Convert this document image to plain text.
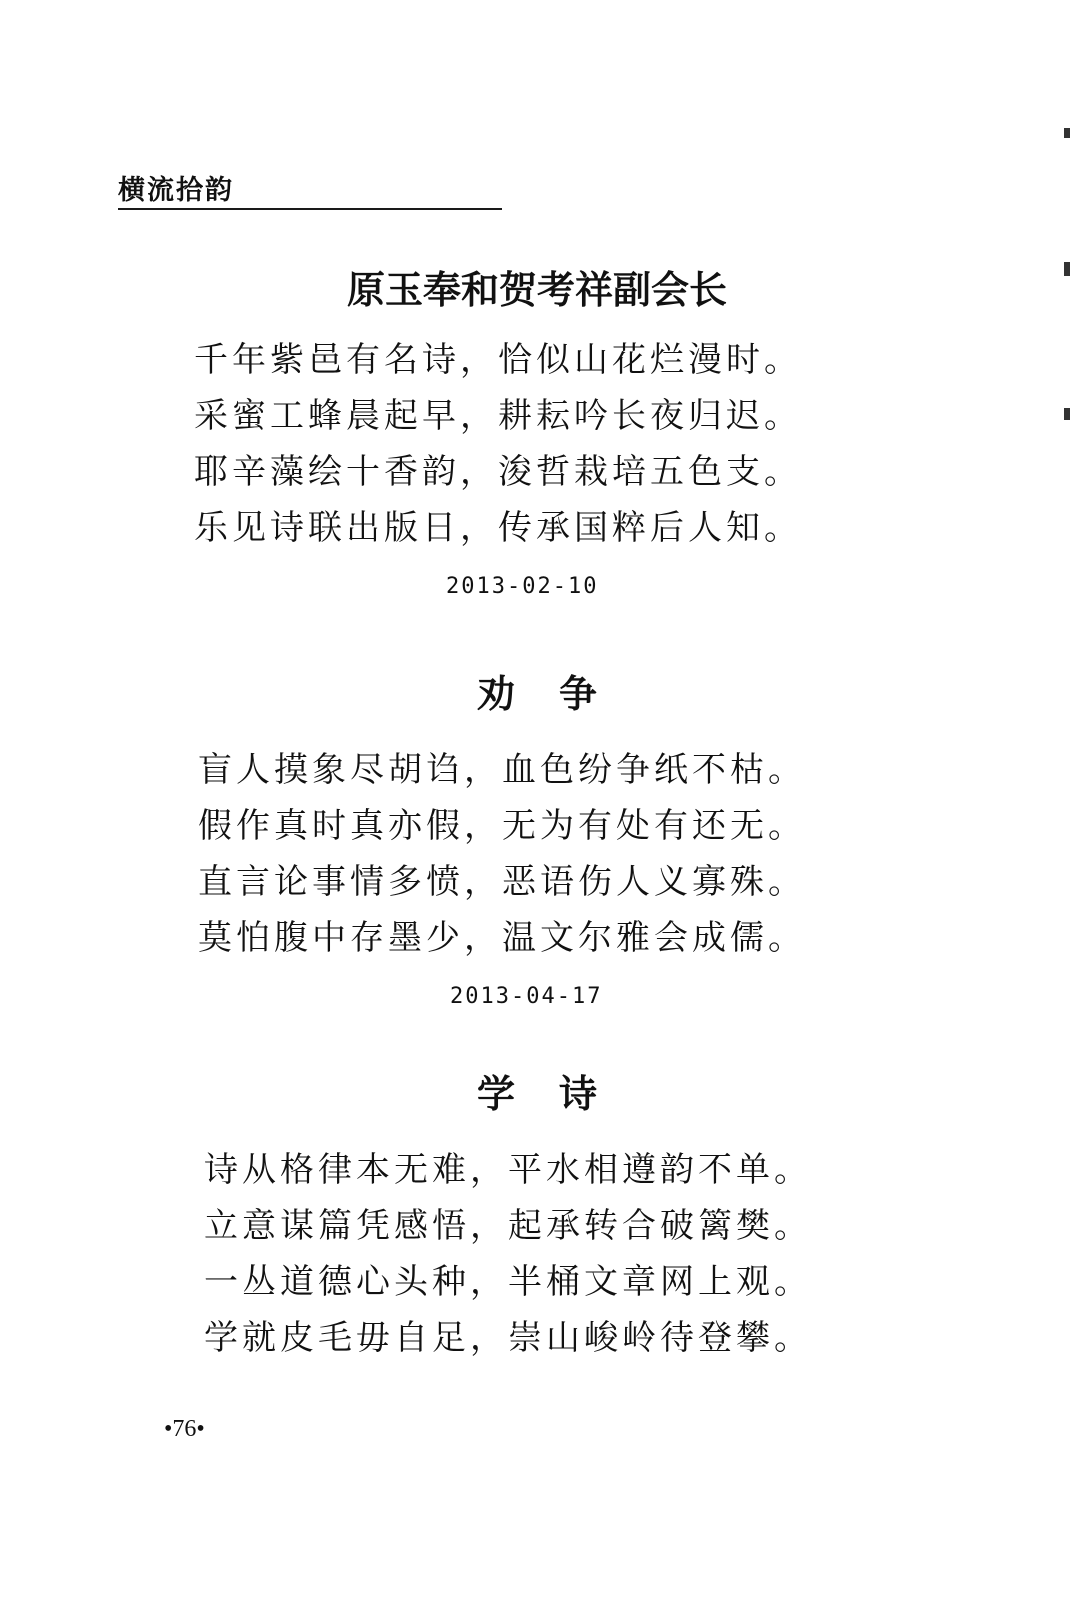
横流拾韵
原玉奉和贺考祥副会长
千年紫邑有名诗，恰似山花烂漫时。
采蜜工蜂晨起早，耕耘吟长夜归迟。
耶辛藻绘十香韵，浚哲栽培五色支。
乐见诗联出版日，传承国粹后人知。
2013-02-10
劝争
盲人摸象尽胡诌，血色纷争纸不枯。
假作真时真亦假，无为有处有还无。
直言论事情多愤，恶语伤人义寡殊。
莫怕腹中存墨少，温文尔雅会成儒。
2013-04-17
学诗
诗从格律本无难，平水相遵韵不单。
立意谋篇凭感悟，起承转合破篱樊。
一丛道德心头种，半桶文章网上观。
学就皮毛毋自足，崇山峻岭待登攀。
•76•
